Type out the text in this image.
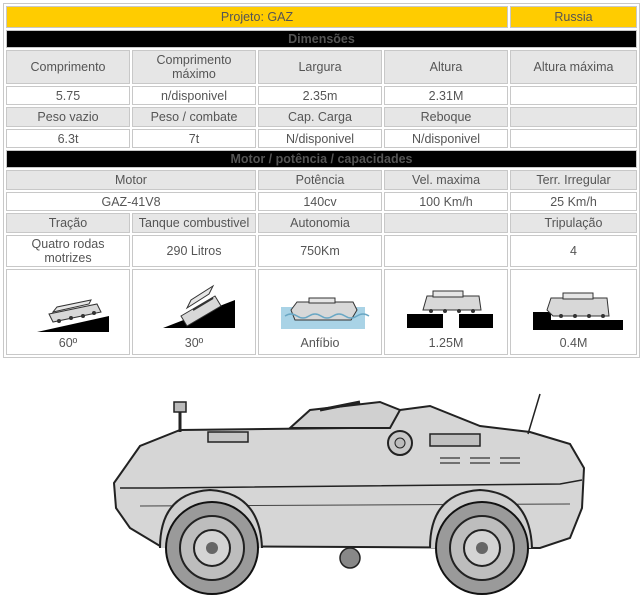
Projeto: GAZ				Russia
Dimensões				
Comprimento	Comprimento máximo	Largura	Altura	Altura máxima
5.75	n/disponivel	2.35m	2.31M	
Peso vazio	Peso / combate	Cap. Carga	Reboque	
6.3t	7t	N/disponivel	N/disponivel	
Motor / potência / capacidades				
Motor		Potência	Vel. maxima	Terr. Irregular
GAZ-41V8		140cv	100 Km/h	25 Km/h
Tração	Tanque combustivel	Autonomia		Tripulação
Quatro rodas motrizes	290 Litros	750Km		4

60º	30º	Anfíbio	1.25M	0.4M
